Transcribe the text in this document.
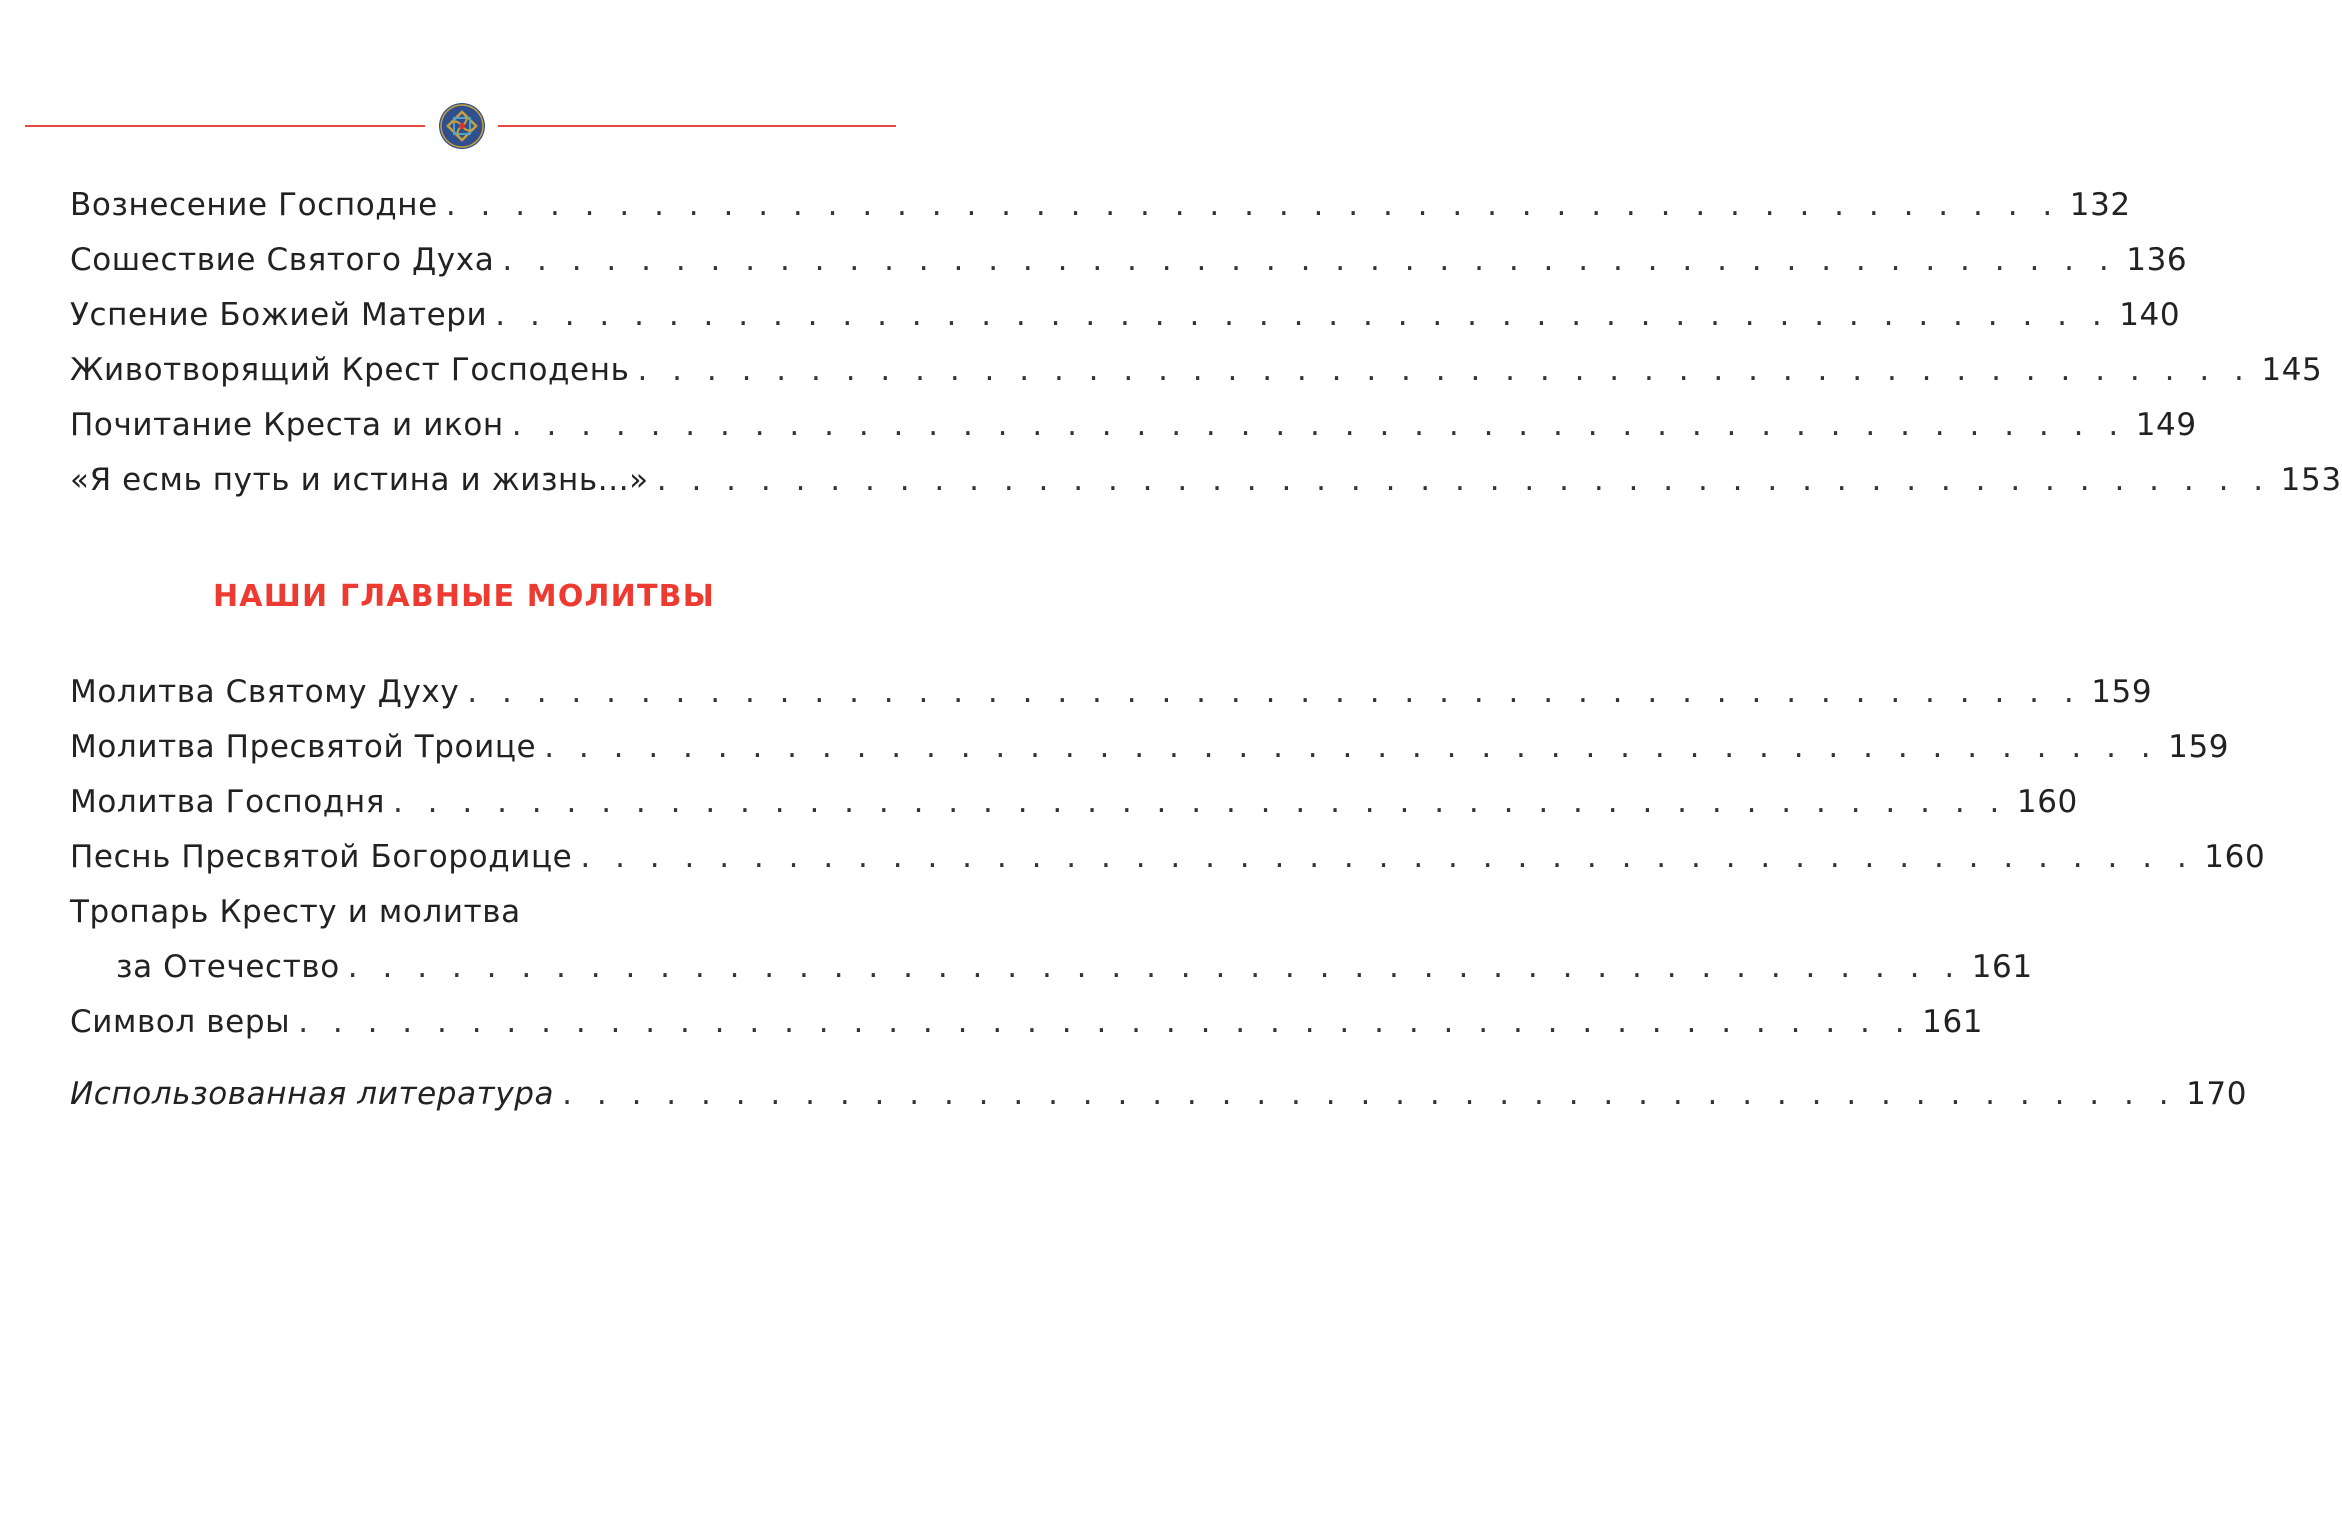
Вознесение Господне . . . . . . . . . . . . . . . . . . . . . . . . . . . . . . . . . . . . . . . . . . . . . . . 132
Сошествие Святого Духа . . . . . . . . . . . . . . . . . . . . . . . . . . . . . . . . . . . . . . . . . . . . . . . 136
Успение Божией Матери . . . . . . . . . . . . . . . . . . . . . . . . . . . . . . . . . . . . . . . . . . . . . . . 140
Животворящий Крест Господень . . . . . . . . . . . . . . . . . . . . . . . . . . . . . . . . . . . . . . . . . . . . . . . 145
Почитание Креста и икон . . . . . . . . . . . . . . . . . . . . . . . . . . . . . . . . . . . . . . . . . . . . . . . 149
«Я есмь путь и истина и жизнь...» . . . . . . . . . . . . . . . . . . . . . . . . . . . . . . . . . . . . . . . . . . . . . . . 153
НАШИ ГЛАВНЫЕ МОЛИТВЫ
Молитва Святому Духу . . . . . . . . . . . . . . . . . . . . . . . . . . . . . . . . . . . . . . . . . . . . . . . 159
Молитва Пресвятой Троице . . . . . . . . . . . . . . . . . . . . . . . . . . . . . . . . . . . . . . . . . . . . . . . 159
Молитва Господня . . . . . . . . . . . . . . . . . . . . . . . . . . . . . . . . . . . . . . . . . . . . . . . 160
Песнь Пресвятой Богородице . . . . . . . . . . . . . . . . . . . . . . . . . . . . . . . . . . . . . . . . . . . . . . . 160
Тропарь Кресту и молитва
за Отечество . . . . . . . . . . . . . . . . . . . . . . . . . . . . . . . . . . . . . . . . . . . . . . . 161
Символ веры . . . . . . . . . . . . . . . . . . . . . . . . . . . . . . . . . . . . . . . . . . . . . . . 161
Использованная литература . . . . . . . . . . . . . . . . . . . . . . . . . . . . . . . . . . . . . . . . . . . . . . . 170
